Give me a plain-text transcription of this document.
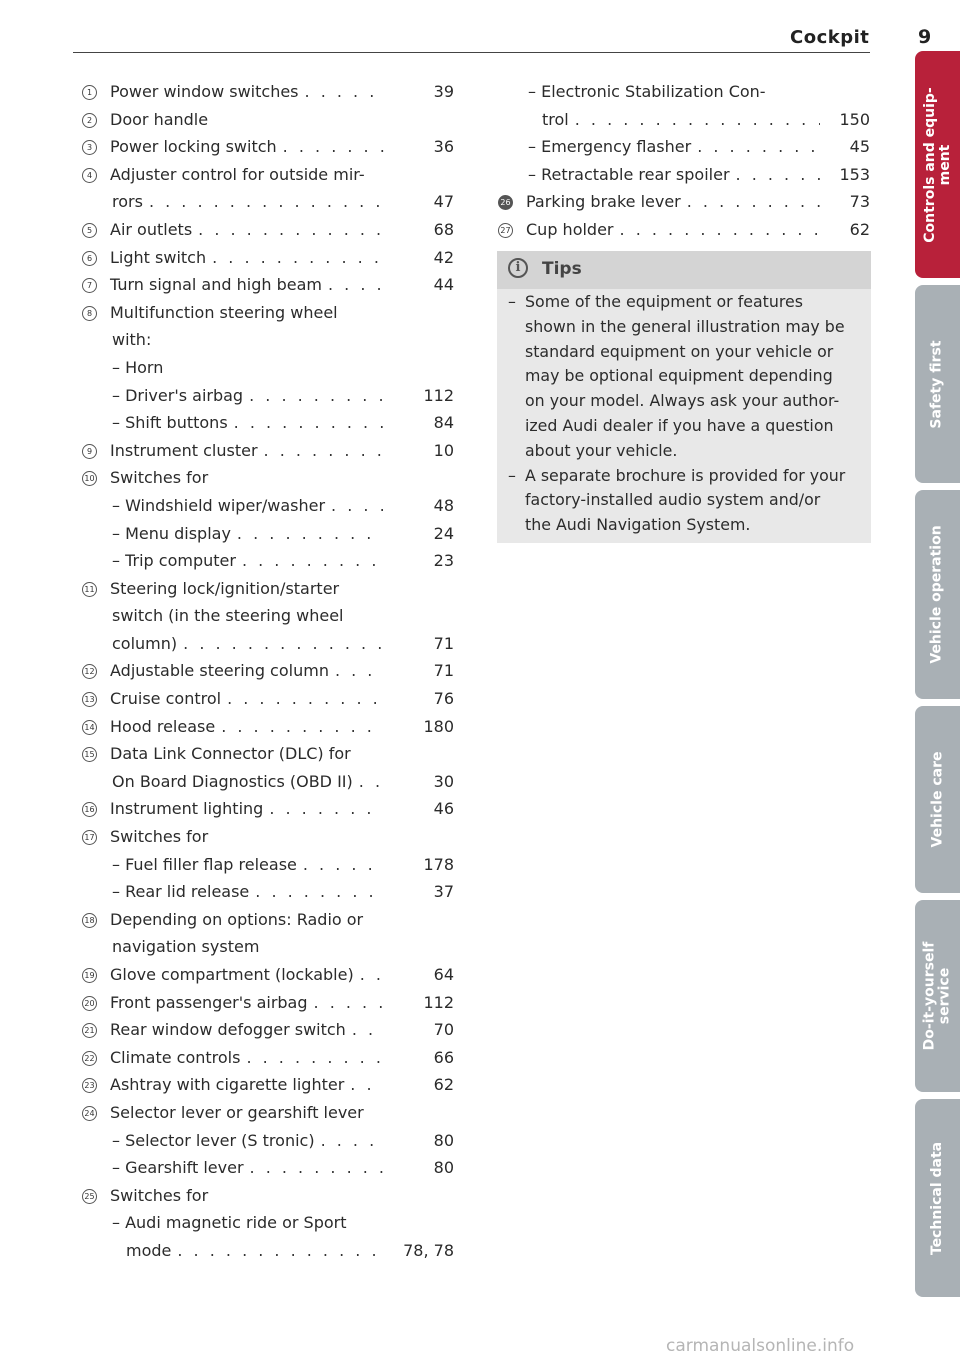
Cockpit	9
1	Power window switches . . .	39
2	Door handle
3	Power locking switch . . .	36
4	Adjuster control for outside mir-
rors . . .	47
5	Air outlets . . .	68
6	Light switch . . .	42
7	Turn signal and high beam . . .	44
8	Multifunction steering wheel
with:
– Horn
– Driver's airbag . . .	112
– Shift buttons . . .	84
9	Instrument cluster . . .	10
10 Switches for
– Windshield wiper/washer . . .	48
– Menu display . . .	24
– Trip computer . . .	23
11 Steering lock/ignition/starter
switch (in the steering wheel
column) . . .	71
12 Adjustable steering column . . .	71
13 Cruise control . . .	76
14 Hood release . . .	180
15 Data Link Connector (DLC) for
On Board Diagnostics (OBD II) . . .	30
16 Instrument lighting . . .	46
17 Switches for
– Fuel filler flap release . . .	178
– Rear lid release . . .	37
18 Depending on options: Radio or
navigation system
19 Glove compartment (lockable) . . .	64
20 Front passenger's airbag . . .	112
21 Rear window defogger switch . . .	70
22 Climate controls . . .	66
23 Ashtray with cigarette lighter . . .	62
24 Selector lever or gearshift lever
– Selector lever (S tronic) . . .	80
– Gearshift lever . . .	80
25 Switches for
– Audi magnetic ride or Sport
mode . . .	78, 78
– Electronic Stabilization Con-
trol . . .	150
– Emergency flasher . . .	45
– Retractable rear spoiler . . .	153
26 Parking brake lever . . .	73
27 Cup holder . . .	62
i	Tips
– Some of the equipment or features
shown in the general illustration may be
standard equipment on your vehicle or
may be optional equipment depending
on your model. Always ask your author-
ized Audi dealer if you have a question
about your vehicle.
– A separate brochure is provided for your
factory-installed audio system and/or
the Audi Navigation System.
Controls and equip- ment
Safety first
Vehicle operation
Vehicle care
Do-it-yourself service
Technical data
carmanualsonline.info
